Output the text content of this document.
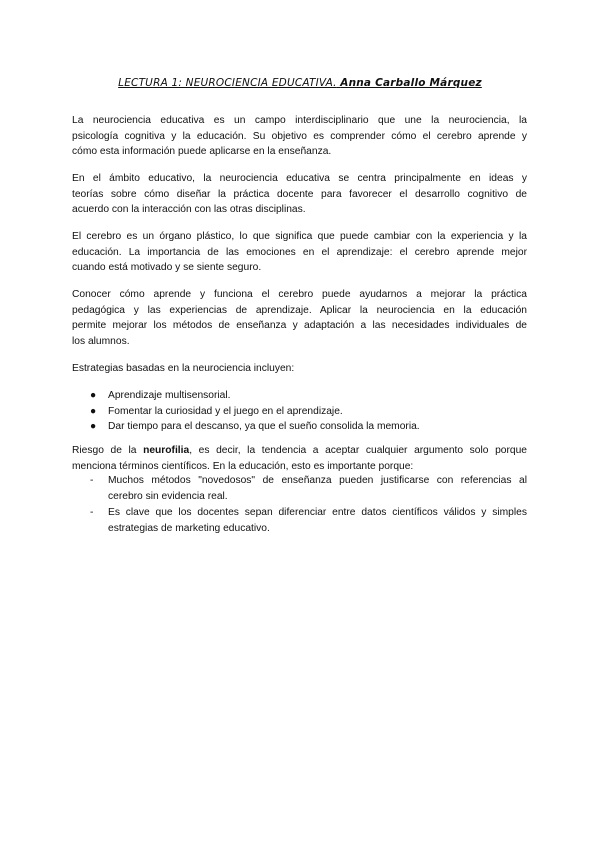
LECTURA 1: NEUROCIENCIA EDUCATIVA. Anna Carballo Márquez
La neurociencia educativa es un campo interdisciplinario que une la neurociencia, la
psicología cognitiva y la educación. Su objetivo es comprender cómo el cerebro aprende y
cómo esta información puede aplicarse en la enseñanza.
En el ámbito educativo, la neurociencia educativa se centra principalmente en ideas y
teorías sobre cómo diseñar la práctica docente para favorecer el desarrollo cognitivo de
acuerdo con la interacción con las otras disciplinas.
El cerebro es un órgano plástico, lo que significa que puede cambiar con la experiencia y la
educación. La importancia de las emociones en el aprendizaje: el cerebro aprende mejor
cuando está motivado y se siente seguro.
Conocer cómo aprende y funciona el cerebro puede ayudarnos a mejorar la práctica
pedagógica y las experiencias de aprendizaje. Aplicar la neurociencia en la educación
permite mejorar los métodos de enseñanza y adaptación a las necesidades individuales de
los alumnos.
Estrategias basadas en la neurociencia incluyen:
● Aprendizaje multisensorial.
● Fomentar la curiosidad y el juego en el aprendizaje.
● Dar tiempo para el descanso, ya que el sueño consolida la memoria.
Riesgo de la neurofilia, es decir, la tendencia a aceptar cualquier argumento solo porque
menciona términos científicos. En la educación, esto es importante porque:
- Muchos métodos "novedosos" de enseñanza pueden justificarse con referencias al
cerebro sin evidencia real.
- Es clave que los docentes sepan diferenciar entre datos científicos válidos y simples
estrategias de marketing educativo.
